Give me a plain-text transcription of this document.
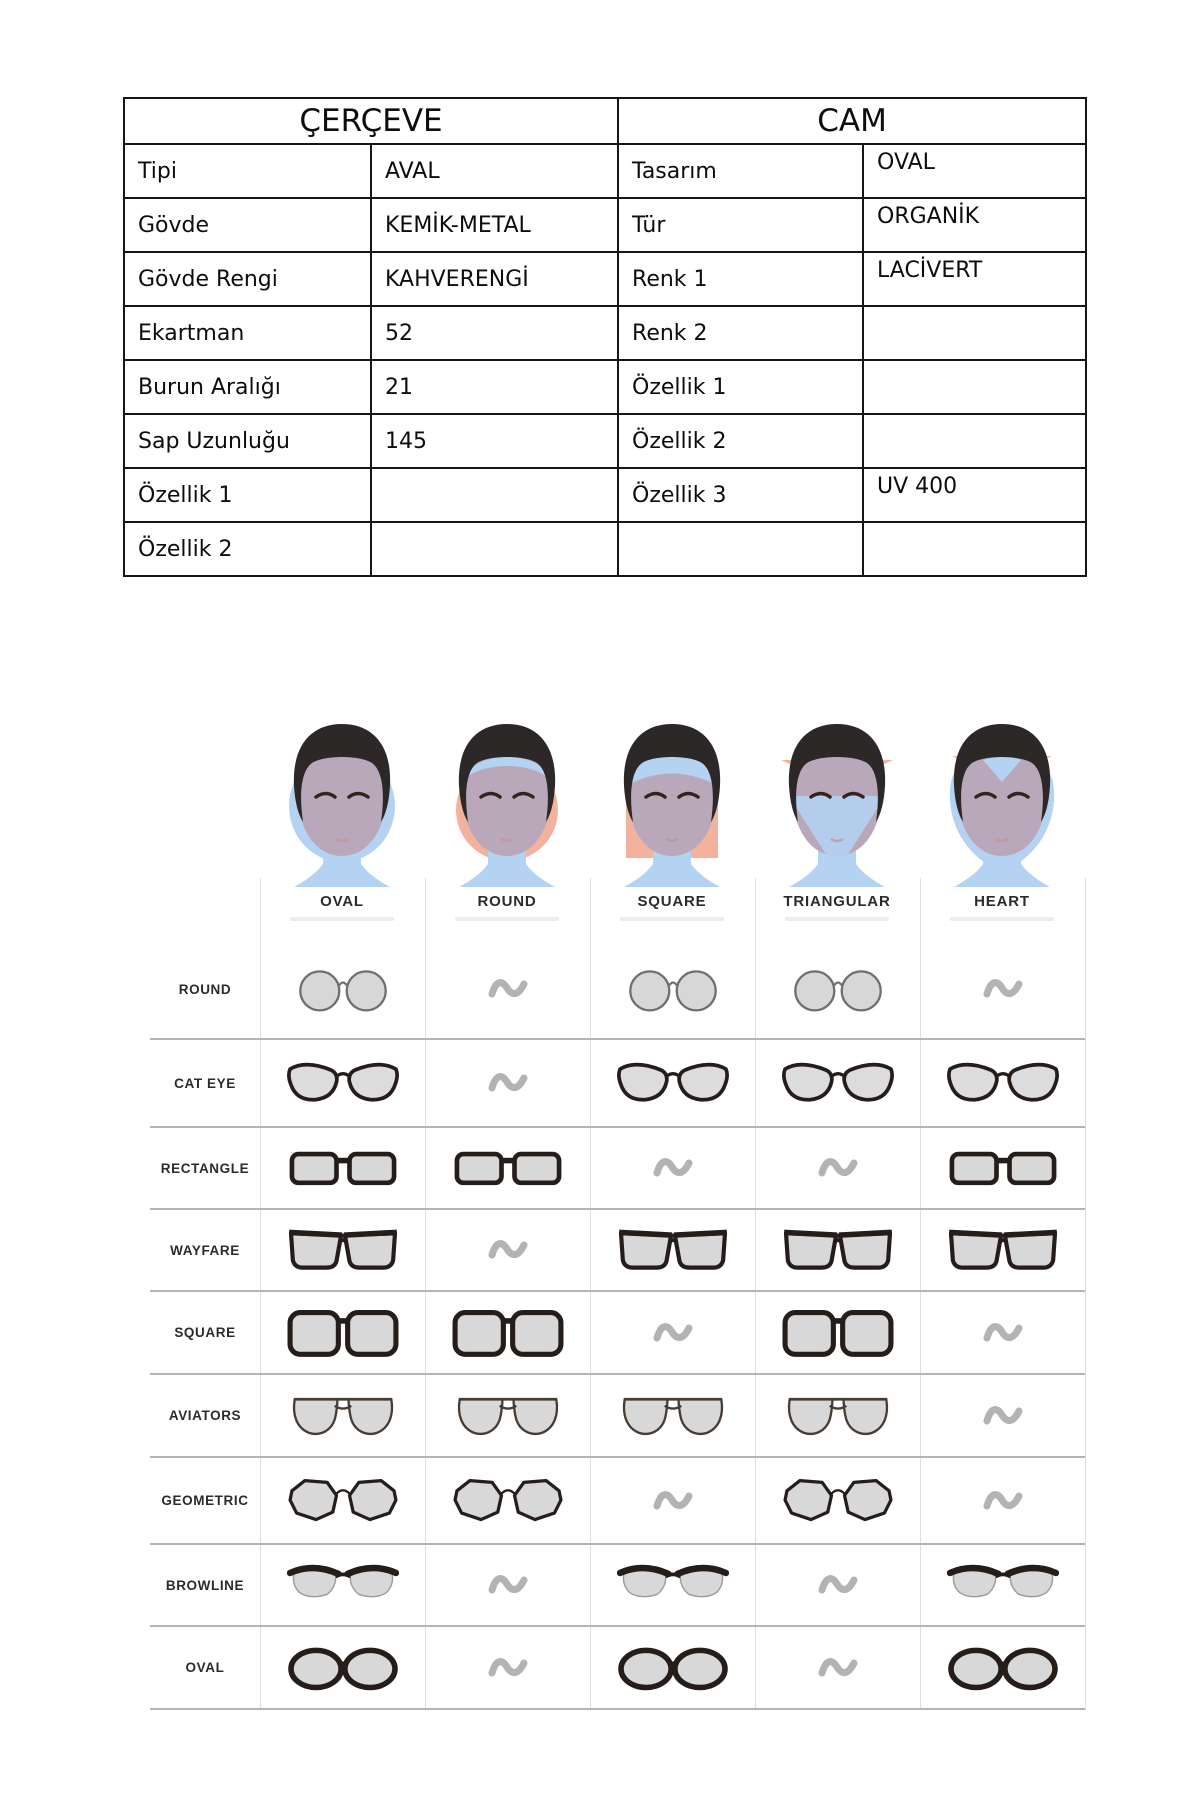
ÇERÇEVE		CAM	
Tipi	AVAL	Tasarım	OVAL
Gövde	KEMİK-METAL	Tür	ORGANİK
Gövde Rengi	KAHVERENGİ	Renk 1	LACİVERT
Ekartman	52	Renk 2	
Burun Aralığı	21	Özellik 1	
Sap Uzunluğu	145	Özellik 2	
Özellik 1		Özellik 3	UV 400
Özellik 2			
OVAL	ROUND	SQUARE	TRIANGULAR	HEART
ROUND
CAT EYE
RECTANGLE
WAYFARE
SQUARE
AVIATORS
GEOMETRIC
BROWLINE
OVAL
